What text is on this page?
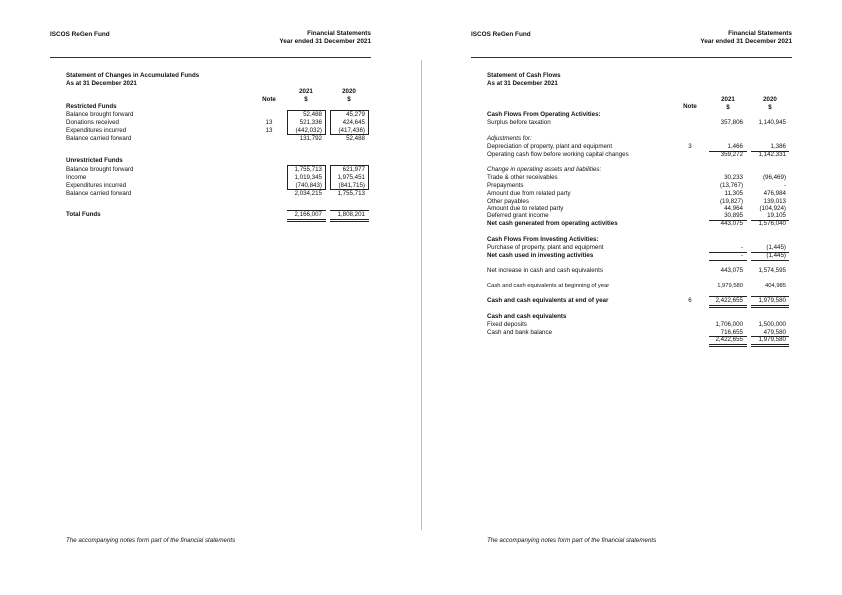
ISCOS ReGen Fund	Financial Statements
Year ended 31 December 2021
Statement of Changes in Accumulated Funds
As at 31 December 2021
Note
2021
$
2020
$
Restricted Funds
Balance brought forward	52,488	45,279
Donations received	13	521,336	424,645
Expenditures incurred	13	(442,032)	(417,436)
Balance carried forward	131,792	52,488
Unrestricted Funds
Balance brought forward	1,755,713	621,977
Income	1,019,345	1,975,451
Expenditures incurred	(740,843)	(841,715)
Balance carried forward	2,034,215	1,755,713
Total Funds	2,166,007	1,808,201
The accompanying notes form part of the financial statements
ISCOS ReGen Fund	Financial Statements
Year ended 31 December 2021
Statement of Cash Flows
As at 31 December 2021
Note
2021
$
2020
$
Cash Flows From Operating Activities:
Surplus before taxation	357,806	1,140,945
Adjustments for:
Depreciation of property, plant and equipment	3	1,466	1,386
Operating cash flow before working capital changes	359,272	1,142,331
Change in operating assets and liabilities:
Trade & other receivables	30,233	(96,469)
Prepayments	(13,767)	-
Amount due from related party	11,305	476,984
Other payables	(19,827)	139,013
Amount due to related party	44,964	(104,924)
Deferred grant income	30,895	19,105
Net cash generated from operating activities	443,075	1,576,040
Cash Flows From Investing Activities:
Purchase of property, plant and equipment	-	(1,445)
Net cash used in investing activities	-	(1,445)
Net increase in cash and cash equivalents	443,075	1,574,595
Cash and cash equivalents at beginning of year	1,979,580	404,985
Cash and cash equivalents at end of year	6	2,422,655	1,979,580
Cash and cash equivalents
Fixed deposits	1,706,000	1,500,000
Cash and bank balance	716,655	479,580
2,422,655	1,979,580
The accompanying notes form part of the financial statements
